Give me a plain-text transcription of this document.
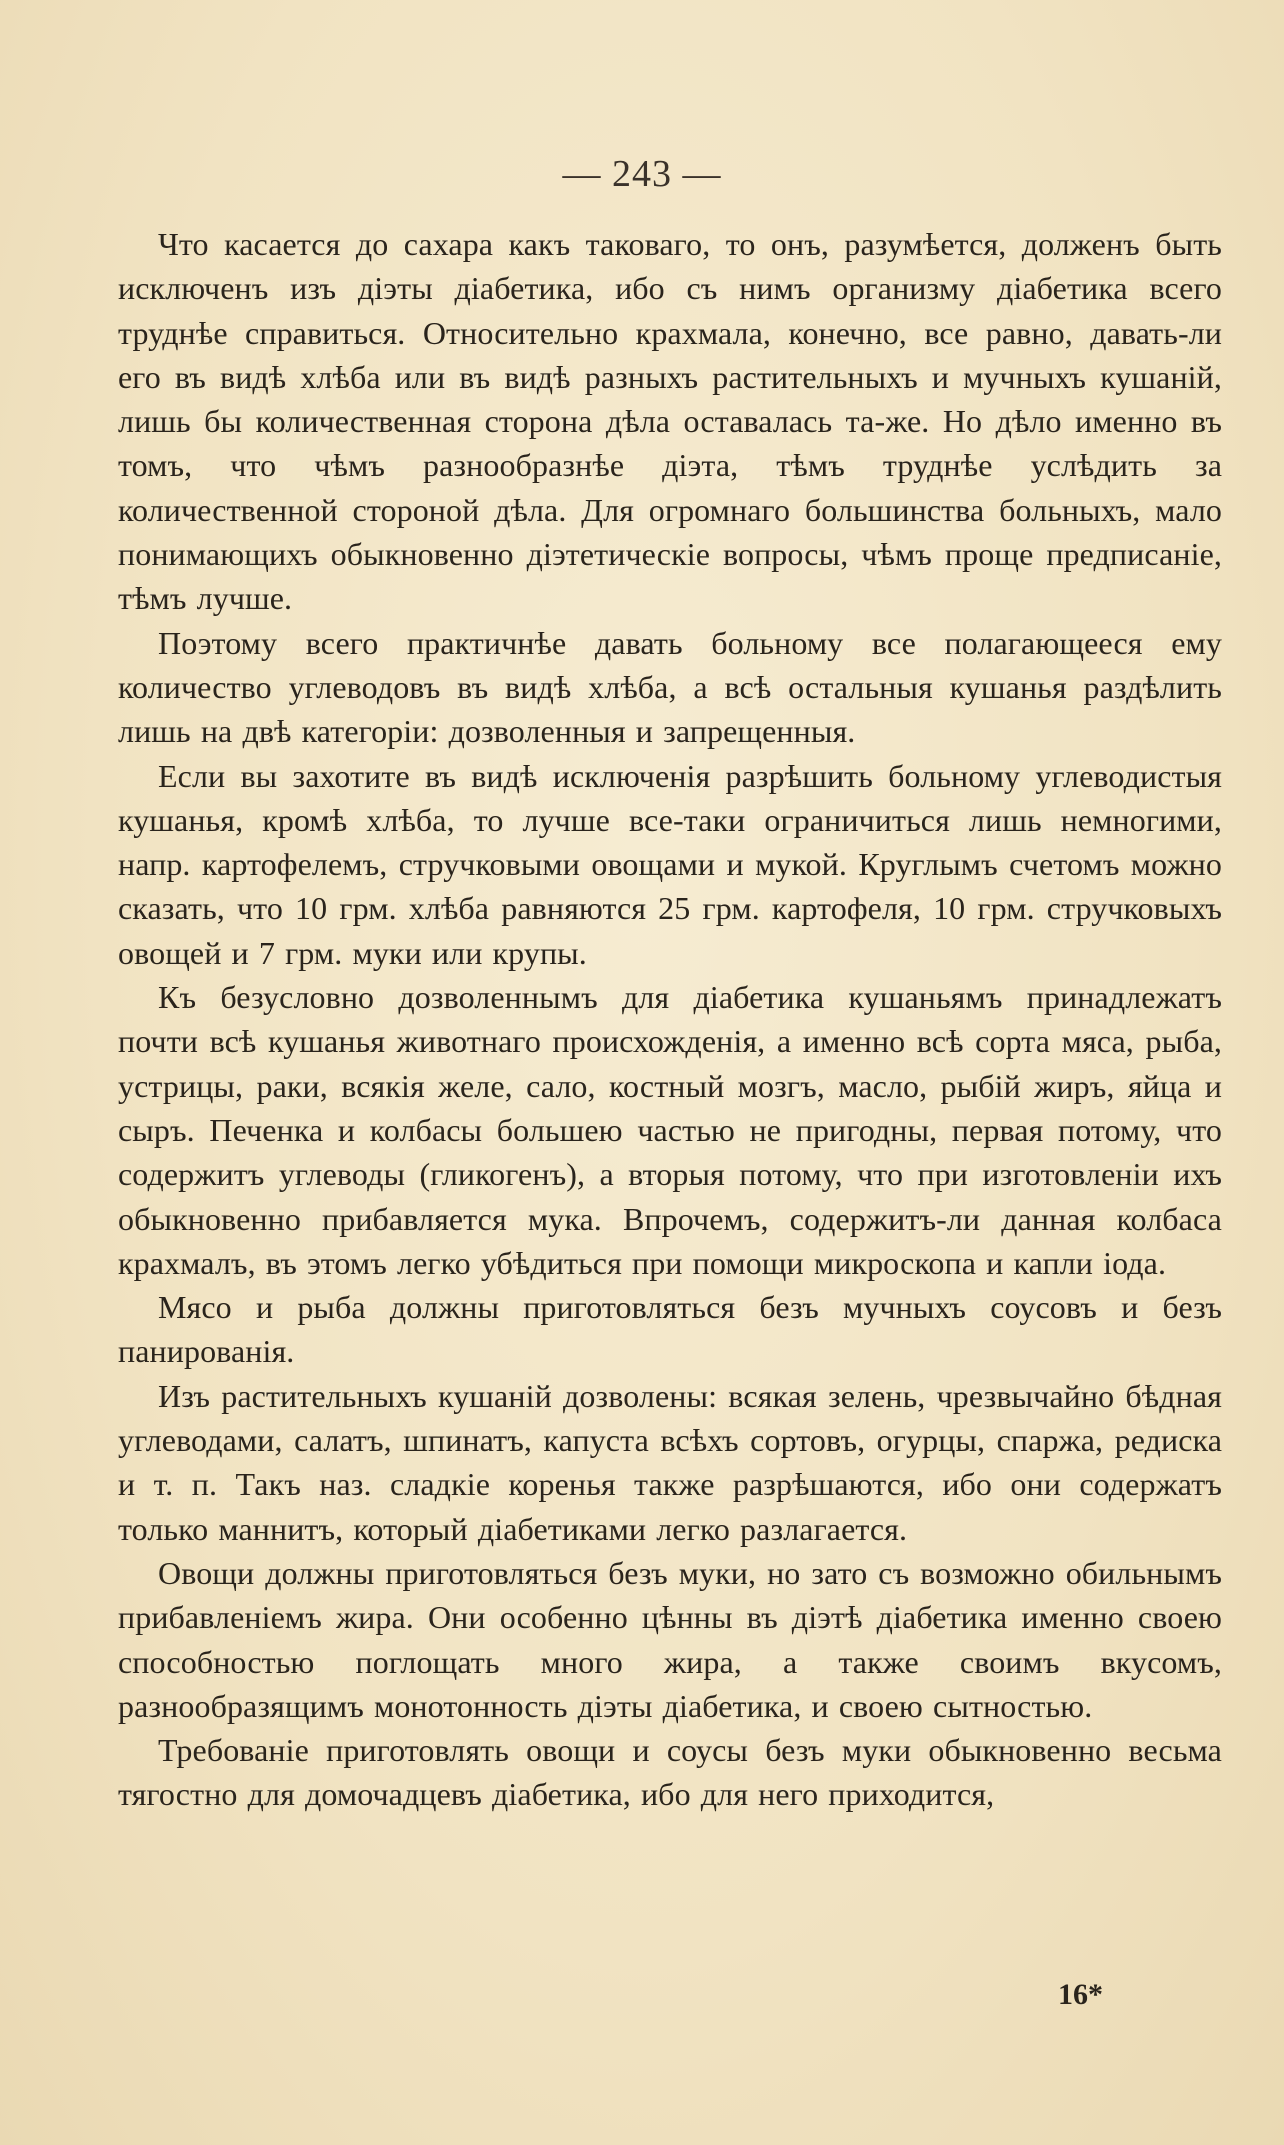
— 243 —

Что касается до сахара какъ таковаго, то онъ, разумѣется, долженъ быть исключенъ изъ діэты діабетика, ибо съ нимъ организму діабетика всего труднѣе справиться. Относительно крахмала, конечно, все равно, давать-ли его въ видѣ хлѣба или въ видѣ разныхъ растительныхъ и мучныхъ кушаній, лишь бы количественная сторона дѣла оставалась та-же. Но дѣло именно въ томъ, что чѣмъ разнообразнѣе діэта, тѣмъ труднѣе услѣдить за количественной стороной дѣла. Для огромнаго большинства больныхъ, мало понимающихъ обыкновенно діэтетическіе вопросы, чѣмъ проще предписаніе, тѣмъ лучше.

Поэтому всего практичнѣе давать больному все полагающееся ему количество углеводовъ въ видѣ хлѣба, а всѣ остальныя кушанья раздѣлить лишь на двѣ категоріи: дозволенныя и запрещенныя.

Если вы захотите въ видѣ исключенія разрѣшить больному углеводистыя кушанья, кромѣ хлѣба, то лучше все-таки ограничиться лишь немногими, напр. картофелемъ, стручковыми овощами и мукой. Круглымъ счетомъ можно сказать, что 10 грм. хлѣба равняются 25 грм. картофеля, 10 грм. стручковыхъ овощей и 7 грм. муки или крупы.

Къ безусловно дозволеннымъ для діабетика кушаньямъ принадлежатъ почти всѣ кушанья животнаго происхожденія, а именно всѣ сорта мяса, рыба, устрицы, раки, всякія желе, сало, костный мозгъ, масло, рыбій жиръ, яйца и сыръ. Печенка и колбасы большею частью не пригодны, первая потому, что содержитъ углеводы (гликогенъ), а вторыя потому, что при изготовленіи ихъ обыкновенно прибавляется мука. Впрочемъ, содержитъ-ли данная колбаса крахмалъ, въ этомъ легко убѣдиться при помощи микроскопа и капли іода.

Мясо и рыба должны приготовляться безъ мучныхъ соусовъ и безъ панированія.

Изъ растительныхъ кушаній дозволены: всякая зелень, чрезвычайно бѣдная углеводами, салатъ, шпинатъ, капуста всѣхъ сортовъ, огурцы, спаржа, редиска и т. п. Такъ наз. сладкіе коренья также разрѣшаются, ибо они содержатъ только маннитъ, который діабетиками легко разлагается.

Овощи должны приготовляться безъ муки, но зато съ возможно обильнымъ прибавленіемъ жира. Они особенно цѣнны въ діэтѣ діабетика именно своею способностью поглощать много жира, а также своимъ вкусомъ, разнообразящимъ монотонность діэты діабетика, и своею сытностью.

Требованіе приготовлять овощи и соусы безъ муки обыкновенно весьма тягостно для домочадцевъ діабетика, ибо для него приходится,

16*
